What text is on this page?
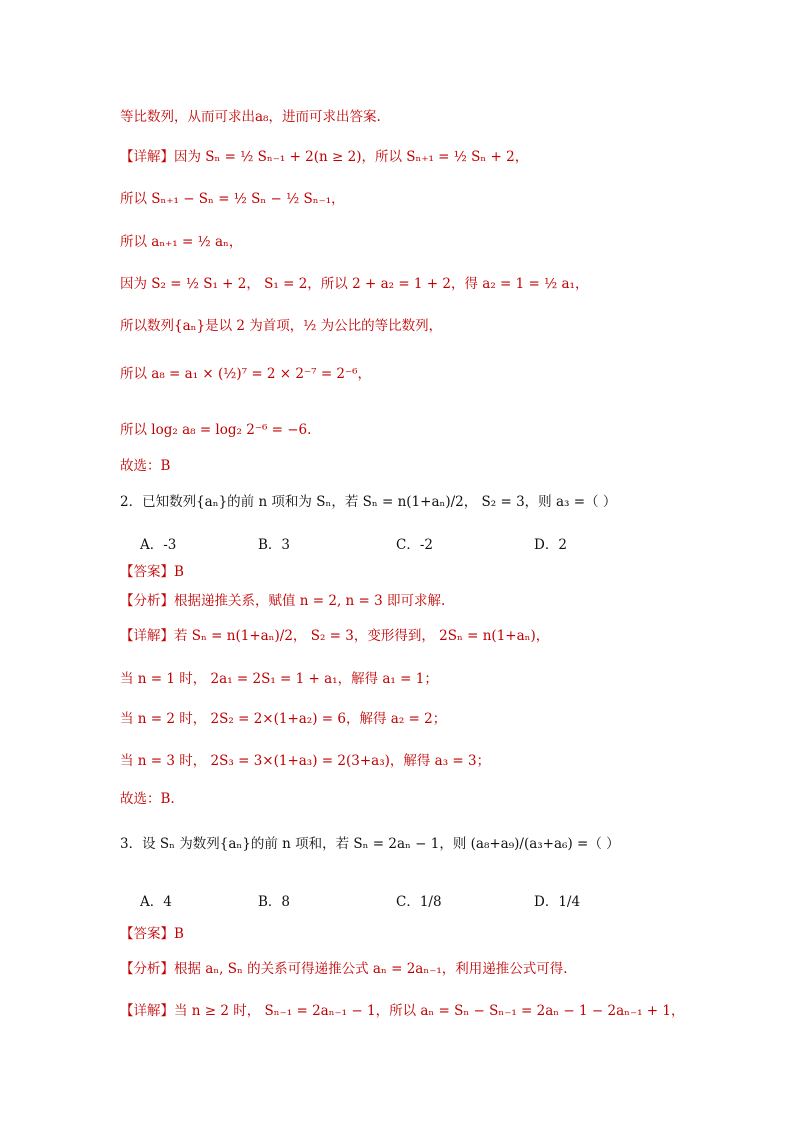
等比数列，从而可求出a₈，进而可求出答案.
【详解】因为 Sₙ = ½ Sₙ₋₁ + 2(n ≥ 2)，所以 Sₙ₊₁ = ½ Sₙ + 2，
所以 Sₙ₊₁ − Sₙ = ½ Sₙ − ½ Sₙ₋₁，
所以 aₙ₊₁ = ½ aₙ，
因为 S₂ = ½ S₁ + 2， S₁ = 2，所以 2 + a₂ = 1 + 2，得 a₂ = 1 = ½ a₁，
所以数列{aₙ}是以 2 为首项，½ 为公比的等比数列，
所以 a₈ = a₁ × (½)⁷ = 2 × 2⁻⁷ = 2⁻⁶，
所以 log₂ a₈ = log₂ 2⁻⁶ = −6.
故选：B
2．已知数列{aₙ}的前 n 项和为 Sₙ，若 Sₙ = n(1+aₙ)/2， S₂ = 3，则 a₃ =（ ）
A．-3	B．3	C．-2	D．2
【答案】B
【分析】根据递推关系，赋值 n = 2, n = 3 即可求解.
【详解】若 Sₙ = n(1+aₙ)/2， S₂ = 3，变形得到， 2Sₙ = n(1+aₙ)，
当 n = 1 时， 2a₁ = 2S₁ = 1 + a₁，解得 a₁ = 1；
当 n = 2 时， 2S₂ = 2×(1+a₂) = 6，解得 a₂ = 2；
当 n = 3 时， 2S₃ = 3×(1+a₃) = 2(3+a₃)，解得 a₃ = 3；
故选：B.
3．设 Sₙ 为数列{aₙ}的前 n 项和，若 Sₙ = 2aₙ − 1，则 (a₈+a₉)/(a₃+a₆) =（ ）
A．4	B．8	C．1/8	D．1/4
【答案】B
【分析】根据 aₙ, Sₙ 的关系可得递推公式 aₙ = 2aₙ₋₁，利用递推公式可得.
【详解】当 n ≥ 2 时， Sₙ₋₁ = 2aₙ₋₁ − 1，所以 aₙ = Sₙ − Sₙ₋₁ = 2aₙ − 1 − 2aₙ₋₁ + 1，
